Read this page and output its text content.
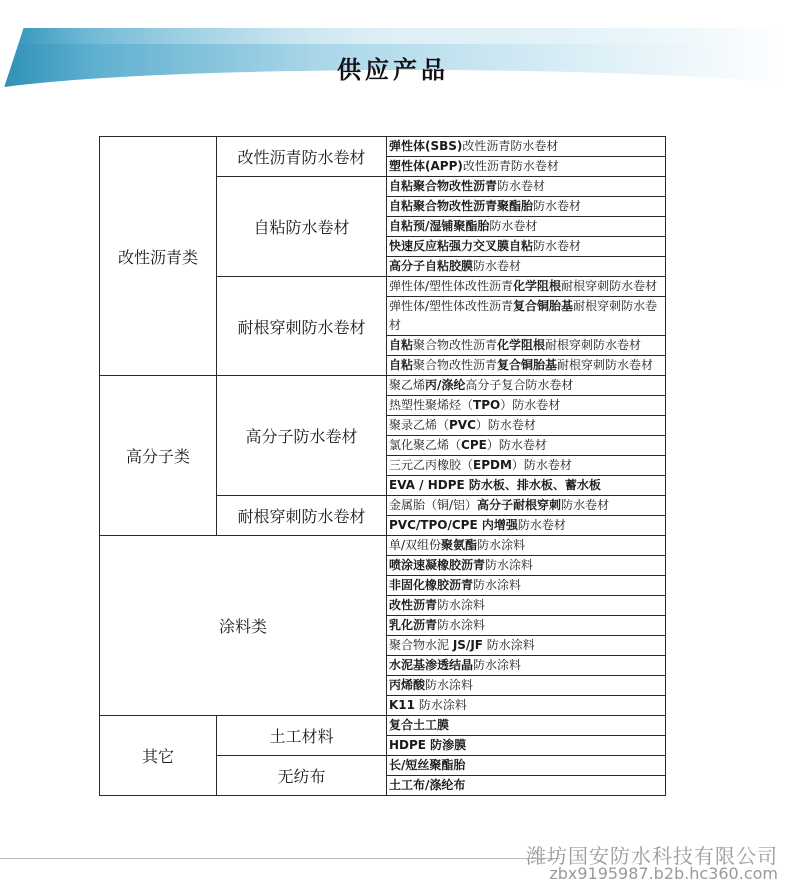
供应产品
改性沥青类	改性沥青防水卷材	弹性体(SBS)改性沥青防水卷材
		塑性体(APP)改性沥青防水卷材
	自粘防水卷材	自粘聚合物改性沥青防水卷材
		自粘聚合物改性沥青聚酯胎防水卷材
		自粘预/湿铺聚酯胎防水卷材
		快速反应粘强力交叉膜自粘防水卷材
		高分子自粘胶膜防水卷材
	耐根穿刺防水卷材	弹性体/塑性体改性沥青化学阻根耐根穿刺防水卷材
		弹性体/塑性体改性沥青复合铜胎基耐根穿刺防水卷材
		自粘聚合物改性沥青化学阻根耐根穿刺防水卷材
		自粘聚合物改性沥青复合铜胎基耐根穿刺防水卷材
高分子类	高分子防水卷材	聚乙烯丙/涤纶高分子复合防水卷材
		热塑性聚烯烃（TPO）防水卷材
		聚录乙烯（PVC）防水卷材
		氯化聚乙烯（CPE）防水卷材
		三元乙丙橡胶（EPDM）防水卷材
		EVA / HDPE 防水板、排水板、蓄水板
	耐根穿刺防水卷材	金属胎（铜/铝）高分子耐根穿刺防水卷材
		PVC/TPO/CPE 内增强防水卷材
涂料类		单/双组份聚氨酯防水涂料
		喷涂速凝橡胶沥青防水涂料
		非固化橡胶沥青防水涂料
		改性沥青防水涂料
		乳化沥青防水涂料
		聚合物水泥 JS/JF 防水涂料
		水泥基渗透结晶防水涂料
		丙烯酸防水涂料
		K11 防水涂料
其它	土工材料	复合土工膜
		HDPE 防渗膜
	无纺布	长/短丝聚酯胎
		土工布/涤纶布
潍坊国安防水科技有限公司
zbx9195987.b2b.hc360.com
